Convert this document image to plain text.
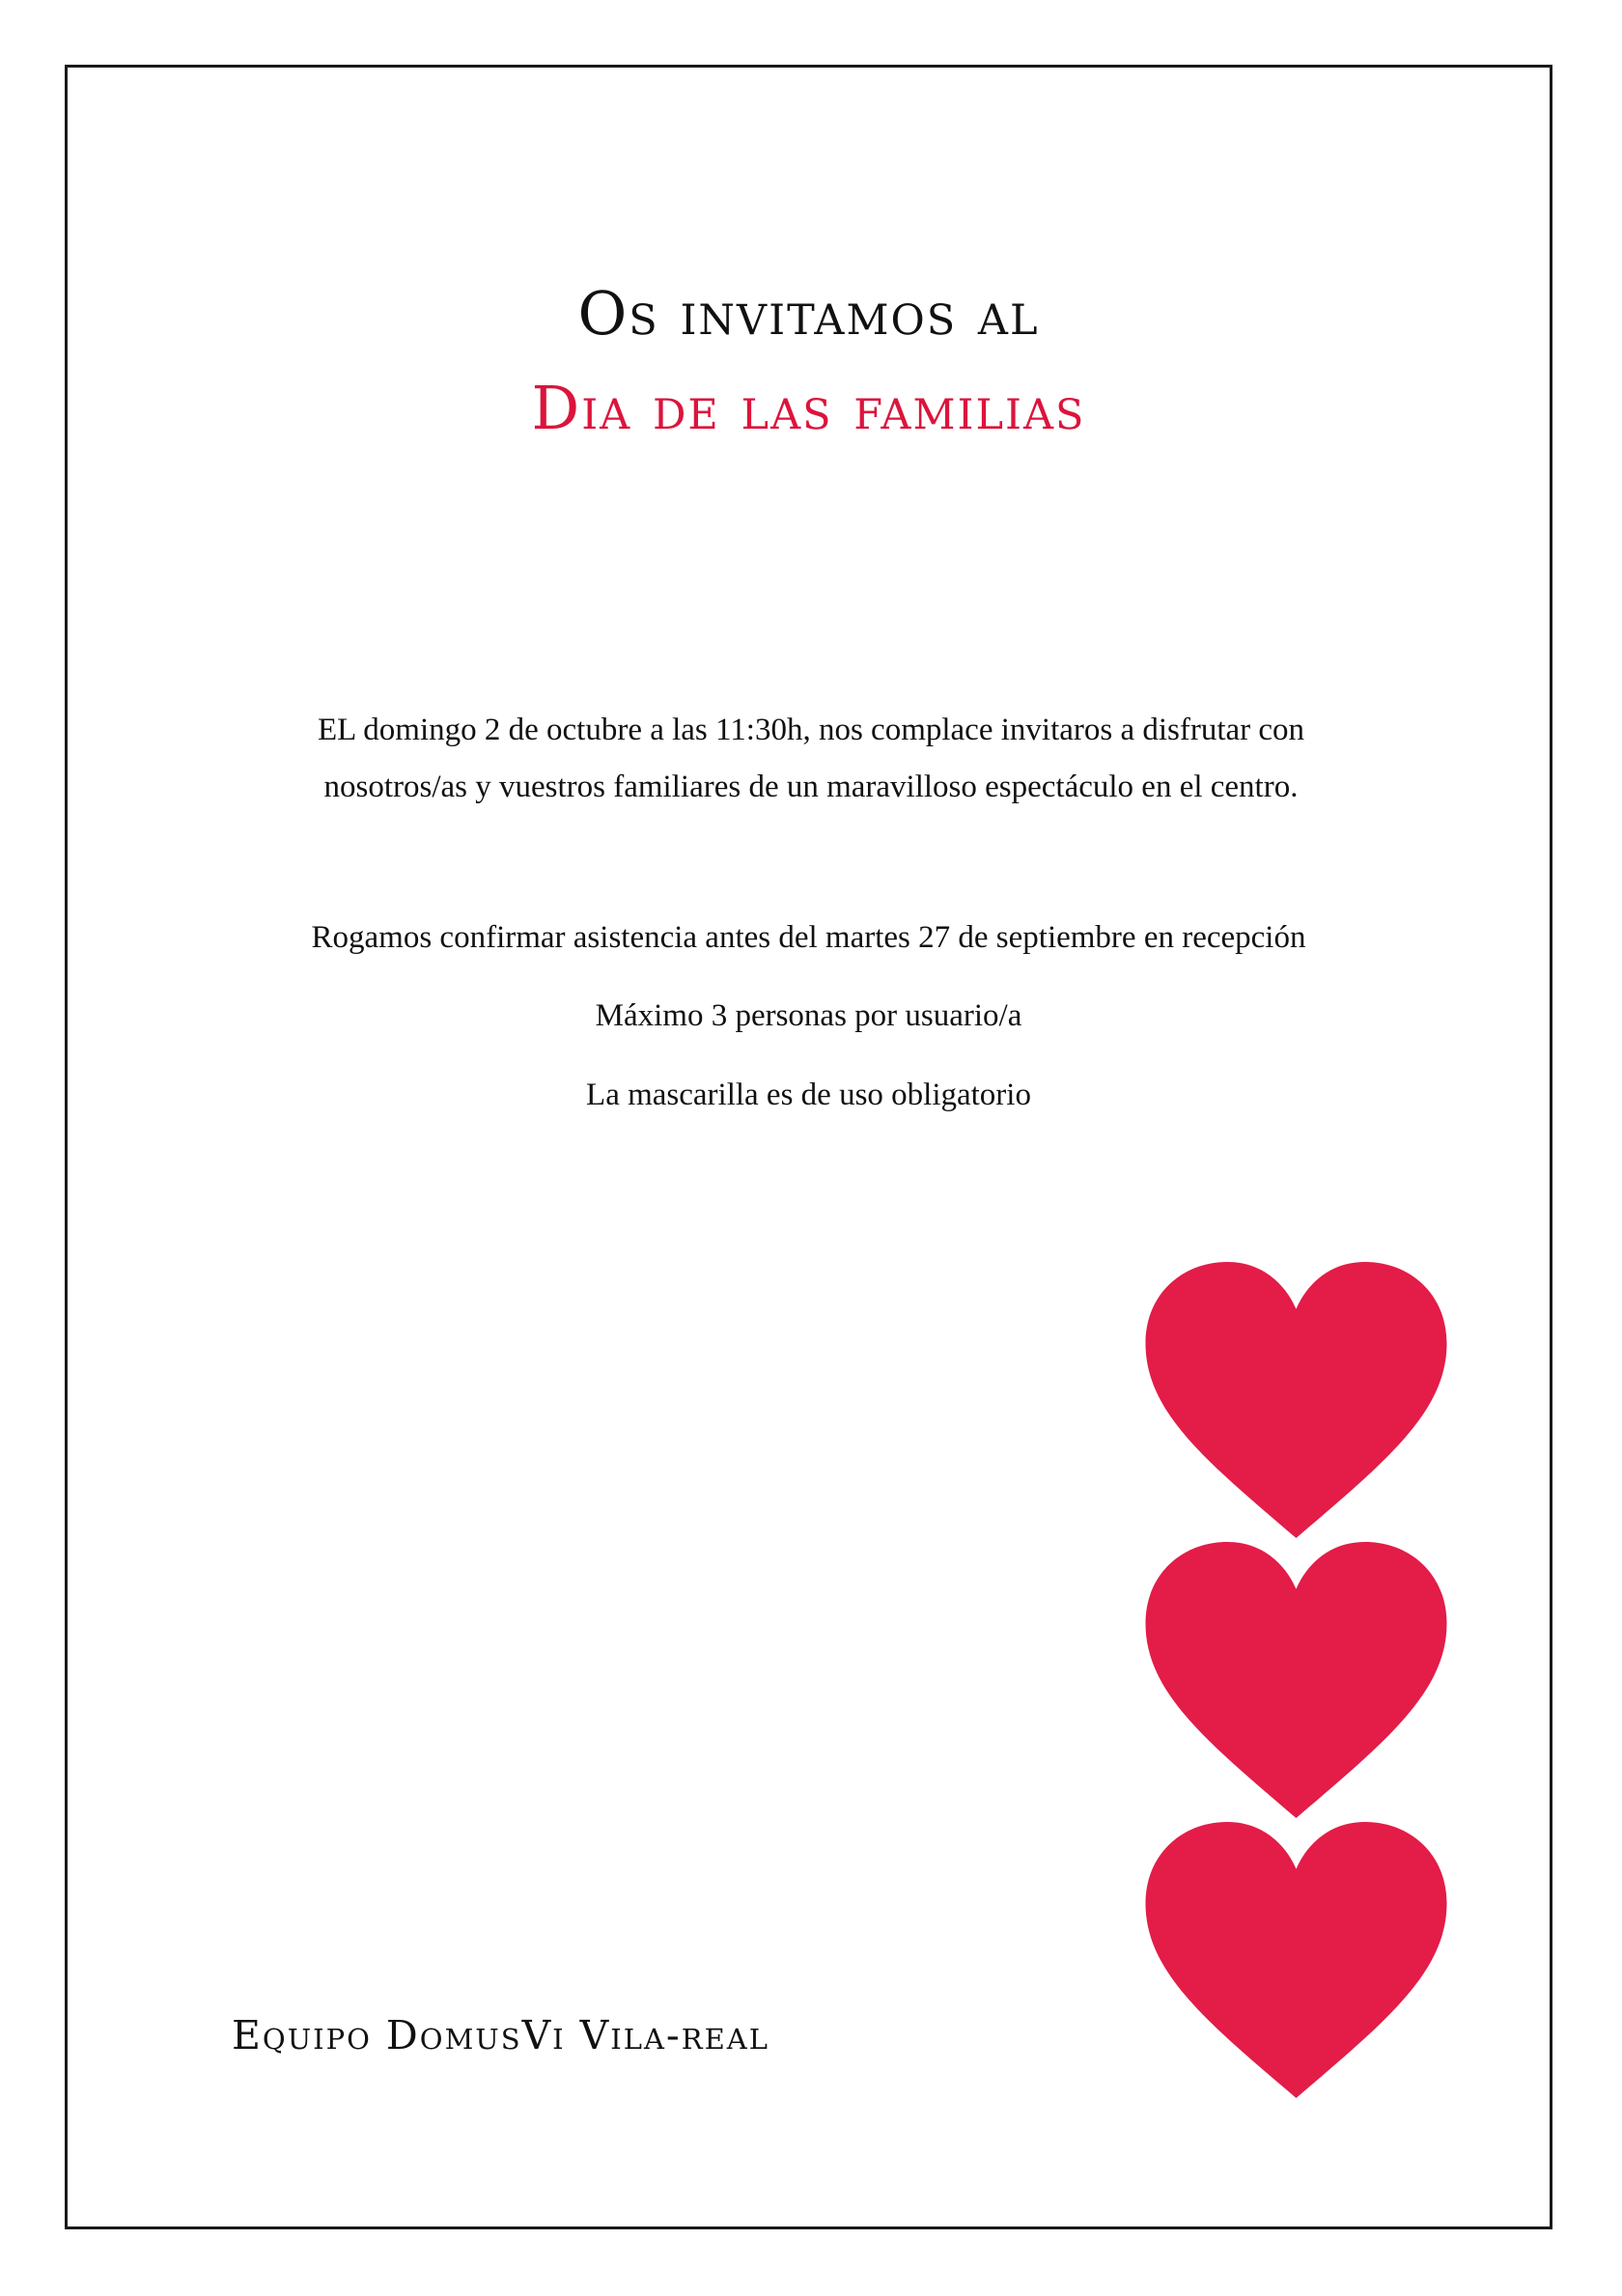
Os invitamos al
Dia de las familias
EL domingo 2 de octubre a las 11:30h, nos complace invitaros a disfrutar con nosotros/as y vuestros familiares de un maravilloso espectáculo en el centro.
Rogamos confirmar asistencia antes del martes 27 de septiembre en recepción
Máximo 3 personas por usuario/a
La mascarilla es de uso obligatorio
Equipo DomusVi Vila-real
